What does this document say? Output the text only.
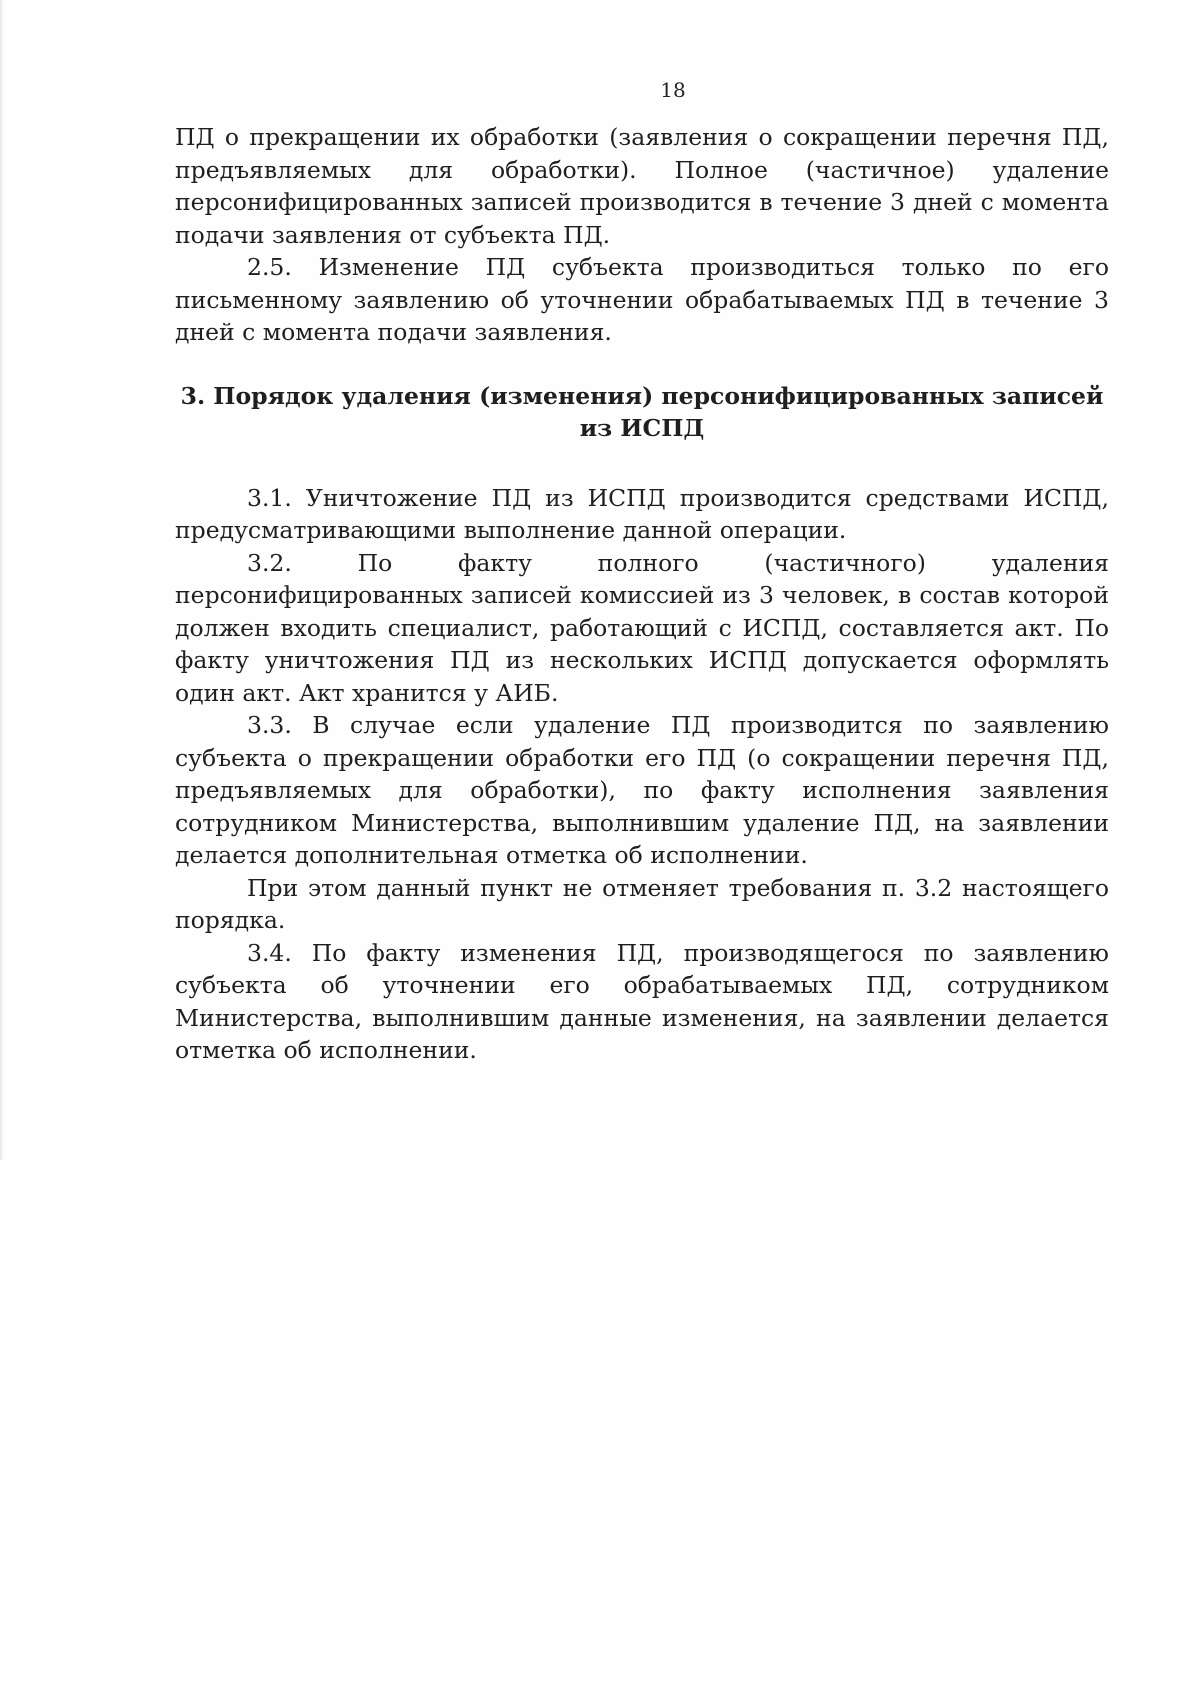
18

ПД о прекращении их обработки (заявления о сокращении перечня ПД, предъявляемых для обработки). Полное (частичное) удаление персонифицированных записей производится в течение 3 дней с момента подачи заявления от субъекта ПД.

2.5. Изменение ПД субъекта производиться только по его письменному заявлению об уточнении обрабатываемых ПД в течение 3 дней с момента подачи заявления.

3. Порядок удаления (изменения) персонифицированных записей из ИСПД

3.1. Уничтожение ПД из ИСПД производится средствами ИСПД, предусматривающими выполнение данной операции.

3.2. По факту полного (частичного) удаления персонифицированных записей комиссией из 3 человек, в состав которой должен входить специалист, работающий с ИСПД, составляется акт. По факту уничтожения ПД из нескольких ИСПД допускается оформлять один акт. Акт хранится у АИБ.

3.3. В случае если удаление ПД производится по заявлению субъекта о прекращении обработки его ПД (о сокращении перечня ПД, предъявляемых для обработки), по факту исполнения заявления сотрудником Министерства, выполнившим удаление ПД, на заявлении делается дополнительная отметка об исполнении.

При этом данный пункт не отменяет требования п. 3.2 настоящего порядка.

3.4. По факту изменения ПД, производящегося по заявлению субъекта об уточнении его обрабатываемых ПД, сотрудником Министерства, выполнившим данные изменения, на заявлении делается отметка об исполнении.
